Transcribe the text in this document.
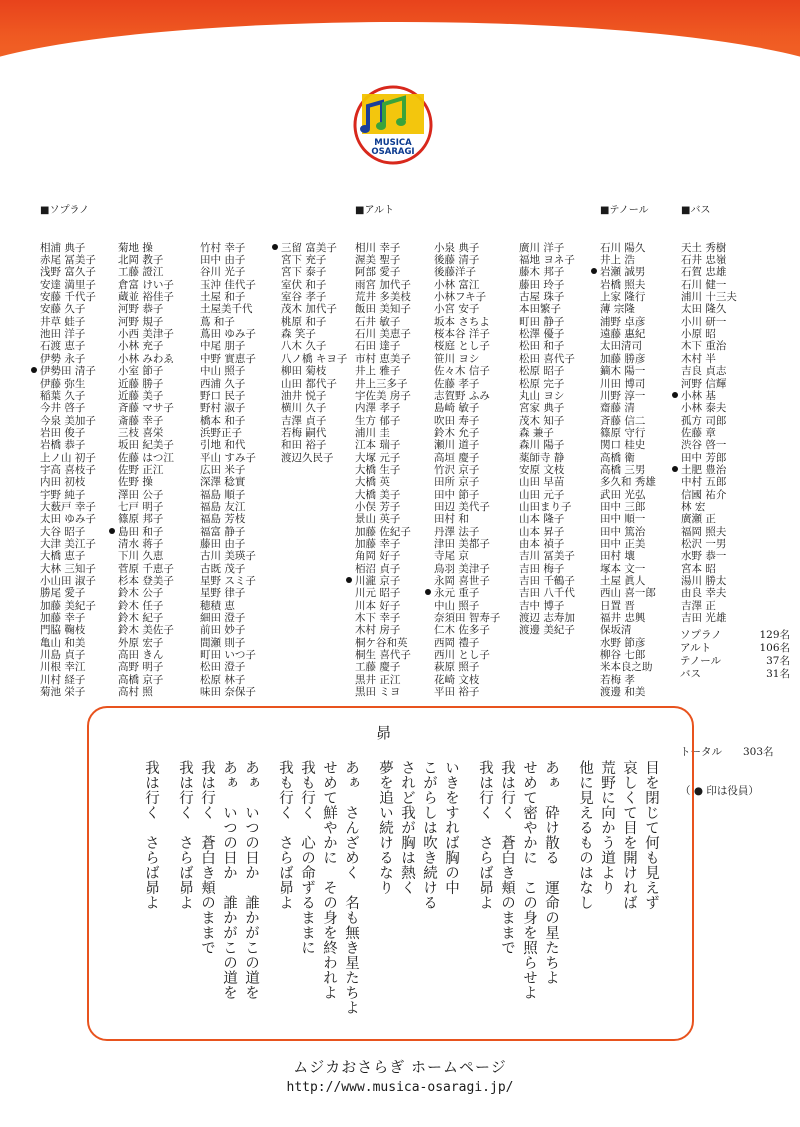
MUSICA
OSARAGI

■ソプラノ

相浦 典子
赤尾 冨美子
浅野 富久子
安達 満里子
安藤 千代子
安藤 久子
井草 蛙子
池田 洋子
石渡 恵子
伊勢 永子
伊勢田 清子
伊藤 弥生
稲葉 久子
今井 啓子
今泉 美加子
岩田 俊子
岩橋 恭子
上ノ山 初子
宇高 喜枝子
内田 初枝
宇野 純子
大薮戸 幸子
太田 ゆみ子
大谷 昭子
大津 美江子
大橋 恵子
大林 三知子
小山田 淑子
勝尾 愛子
加藤 美紀子
加藤 幸子
門脇 鞠枝
亀山 和美
川島 貞子
川根 幸江
川村 経子
菊池 栄子

菊地 操
北岡 教子
工藤 證江
倉富 けい子
蔵並 裕佳子
河野 恭子
河野 規子
小西 美津子
小林 充子
小林 みわゑ
小室 節子
近藤 勝子
近藤 美子
斉藤 マサ子
斎藤 幸子
三枝 喜栄
坂田 紀美子
佐藤 はつ江
佐野 正江
佐野 操
澤田 公子
七戸 明子
篠原 邦子
島田 和子
清水 蒋子
下川 久恵
菅原 千恵子
杉本 登美子
鈴木 公子
鈴木 任子
鈴木 紀子
鈴木 美佐子
外原 宏子
高田 きん
高野 明子
高橋 京子
高村 照

竹村 幸子
田中 由子
谷川 光子
玉沖 佳代子
土屋 和子
土屋美千代
蔦 和子
蔦田 ゆみ子
中尾 朋子
中野 實恵子
中山 照子
西浦 久子
野口 民子
野村 淑子
橋本 和子
浜野正子
引地 和代
平山 すみ子
広田 米子
深澤 稔實
福島 順子
福島 友江
福島 芳枝
福富 静子
藤田 由子
古川 美瑛子
古既 茂子
星野 スミ子
星野 律子
穂積 恵
細田 澄子
前田 妙子
間瀬 則子
町田 いつ子
松田 澄子
松原 林子
味田 奈保子

三留 富美子
宮下 充子
宮下 泰子
室伏 和子
室谷 孝子
茂木 加代子
桃原 和子
森 笑子
八木 久子
八ノ橋 キヨ子
柳田 菊枝
山田 都代子
油井 悦子
横川 久子
吉澤 貞子
若梅 嗣代
和田 裕子
渡辺久民子

■アルト

相川 幸子
渥美 聖子
阿部 愛子
雨宮 加代子
荒井 多美枝
飯田 美知子
石井 敏子
石川 美恵子
石田 達子
市村 恵美子
井上 雅子
井上三多子
宇佐美 房子
内澤 孝子
生方 郁子
浦川 圭
江本 瑞子
大塚 元子
大橋 生子
大橋 英
大橋 美子
小俣 芳子
景山 英子
加藤 佐紀子
加藤 幸子
角岡 好子
栢沼 貞子
川瀧 京子
川元 昭子
川本 好子
木下 幸子
木村 房子
桐ケ谷和英
桐生 喜代子
工藤 慶子
黒井 正江
黒田 ミヨ

小泉 典子
後藤 清子
後藤洋子
小林 富江
小林フキ子
小宮 安子
坂本 さちよ
桜本谷 洋子
桜庭 とし子
笹川 ヨシ
佐々木 信子
佐藤 孝子
志賀野 ふみ
島崎 敏子
吹田 寿子
鈴木 允子
瀬川 道子
高垣 慶子
竹沢 京子
田所 京子
田中 節子
田辺 美代子
田村 和
丹澤 法子
津田 美都子
寺尾 京
鳥羽 美津子
永岡 喜世子
永元 重子
中山 照子
奈須田 智寿子
仁木 佐多子
西岡 禮子
西川 とし子
萩原 照子
花崎 文枝
平田 裕子

廣川 洋子
福地 ヨネ子
藤木 邦子
藤田 玲子
古屋 珠子
本田繁子
町田 静子
松澤 優子
松田 和子
松田 喜代子
松原 昭子
松原 完子
丸山 ヨシ
宮家 典子
茂木 知子
森 兼子
森川 陽子
薬師寺 静
安原 文枝
山田 早苗
山田 元子
山田まり子
山本 隆子
山本 昇子
由本 禎子
吉川 冨美子
吉田 梅子
吉田 千鶴子
吉田 八千代
吉中 博子
渡辺 志寿加
渡邊 美紀子

■テノール

石川 陽久
井上 浩
岩瀬 誠男
岩橋 照夫
上家 隆行
薄 宗隆
浦野 卓彦
遠藤 惠紀
太田清司
加藤 勝彦
鏑木 陽一
川田 博司
川野 淳一
齋藤 清
斉藤 信二
篠原 守行
関口 桂史
高橋 衛
高橋 三男
多久和 秀雄
武田 光弘
田中 三郎
田中 順一
田中 篤治
田中 正美
田村 壤
塚本 文一
土屋 眞人
西山 喜一郎
日置 晋
福井 忠興
保坂清
水野 節彦
柳谷 七郎
米本良之助
若梅 孝
渡邊 和美

■バス

天土 秀樹
石井 忠嶺
石賀 忠雄
石川 健一
浦川 十三夫
太田 隆久
小川 研一
小原 昭
木下 重治
木村 半
吉良 貞志
河野 信輝
小林 基
小林 泰夫
孤方 司郎
佐藤 章
渋谷 啓一
田中 芳郎
土肥 豊治
中村 五郎
信國 祐介
林 宏
廣瀬 正
福岡 照夫
松沢 一男
水野 恭一
宮本 昭
湯川 勝太
由良 幸夫
吉澤 正
吉田 光雄

ソプラノ	129名
アルト	106名
テノール	37名
バス	31名

トータル　　 303名

（ ● 印は役員）

昴
目を閉じて何も見えず
哀しくて目を開ければ
荒野に向かう道より
他に見えるものはなし
あぁ　砕け散る　運命の星たちよ
せめて密やかに　この身を照らせよ
我は行く　蒼白き頬のままで
我は行く　さらば昴よ
いきをすれば胸の中
こがらしは吹き続ける
されど我が胸は熱く
夢を追い続けるなり
あぁ　さんざめく　名も無き星たちよ
せめて鮮やかに　その身を終われよ
我も行く　心の命ずるままに
我も行く　さらば昴よ
あぁ　いつの日か　誰かがこの道を
あぁ　いつの日か　誰かがこの道を
我は行く　蒼白き頬のままで
我は行く　さらば昴よ
我は行く　さらば昴よ
ムジカおさらぎ ホームページ
http://www.musica-osaragi.jp/
